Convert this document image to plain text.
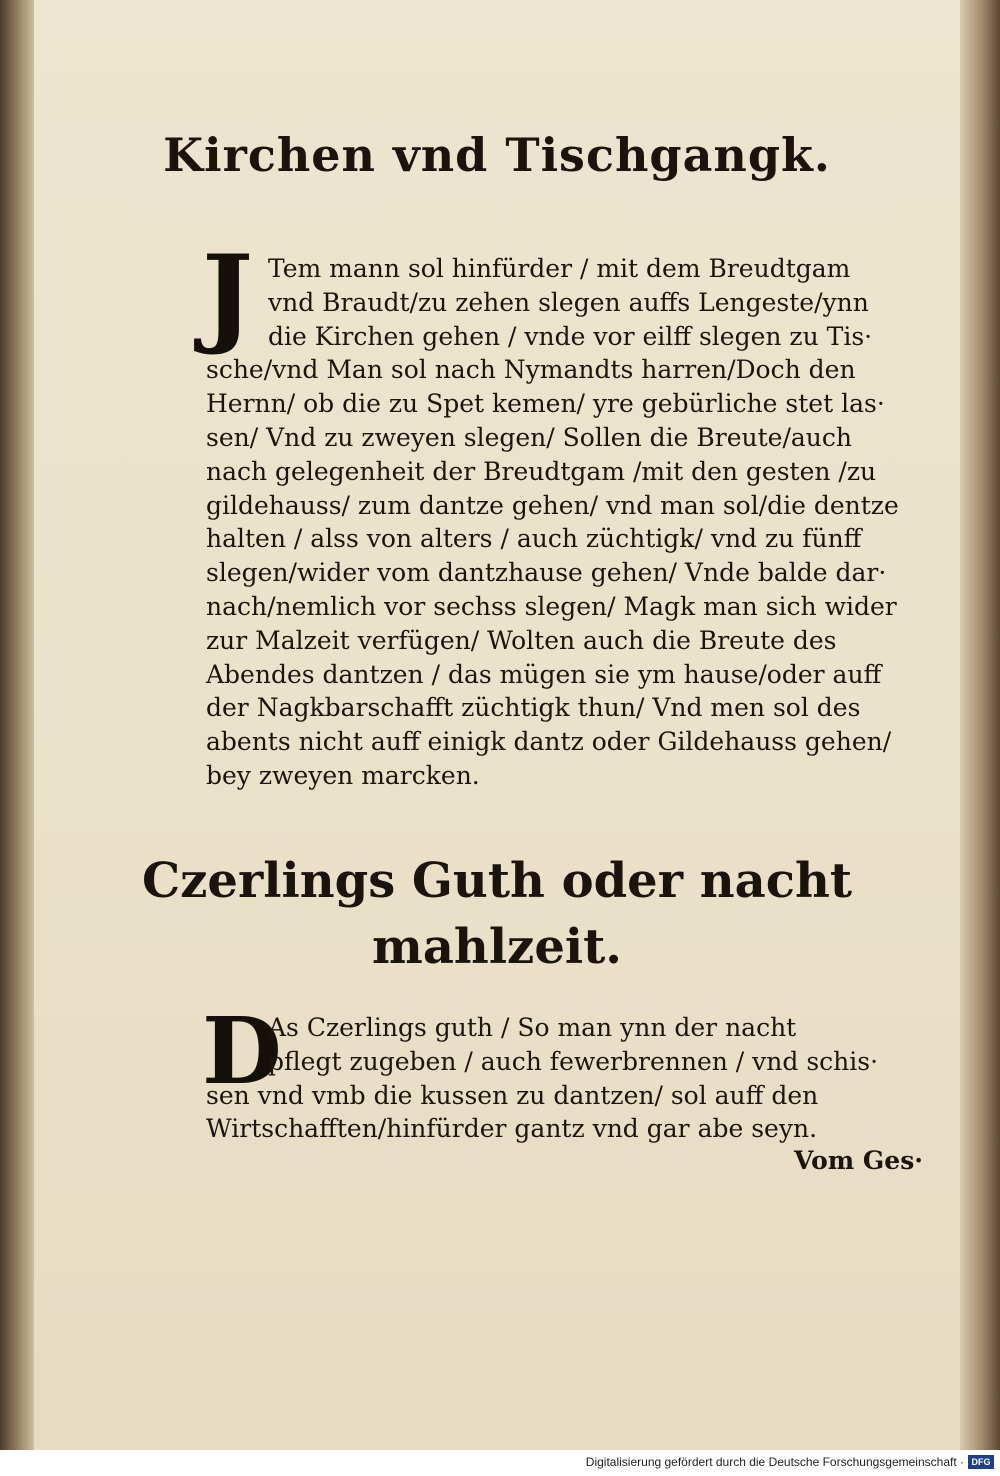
Kirchen vnd Tischgangk.
J Tem mann sol hinfürder / mit dem Breudtgam
vnd Braudt/zu zehen slegen auffs Lengeste/ynn
die Kirchen gehen / vnde vor eilff slegen zu Tis·
sche/vnd Man sol nach Nymandts harren/Doch den
Hernn/ ob die zu Spet kemen/ yre gebürliche stet las·
sen/ Vnd zu zweyen slegen/ Sollen die Breute/auch
nach gelegenheit der Breudtgam /mit den gesten /zu
gildehauss/ zum dantze gehen/ vnd man sol/die dentze
halten / alss von alters / auch züchtigk/ vnd zu fünff
slegen/wider vom dantzhause gehen/ Vnde balde dar·
nach/nemlich vor sechss slegen/ Magk man sich wider
zur Malzeit verfügen/ Wolten auch die Breute des
Abendes dantzen / das mügen sie ym hause/oder auff
der Nagkbarschafft züchtigk thun/ Vnd men sol des
abents nicht auff einigk dantz oder Gildehauss gehen/
bey zweyen marcken.

Czerlings Guth oder nacht
mahlzeit.
D

As Czerlings guth / So man ynn der nacht
pflegt zugeben / auch fewerbrennen / vnd schis·
sen vnd vmb die kussen zu dantzen/ sol auff den
Wirtschafften/hinfürder gantz vnd gar abe seyn.

Vom Ges·
Digitalisierung gefördert durch die Deutsche Forschungsgemeinschaft · DFG
